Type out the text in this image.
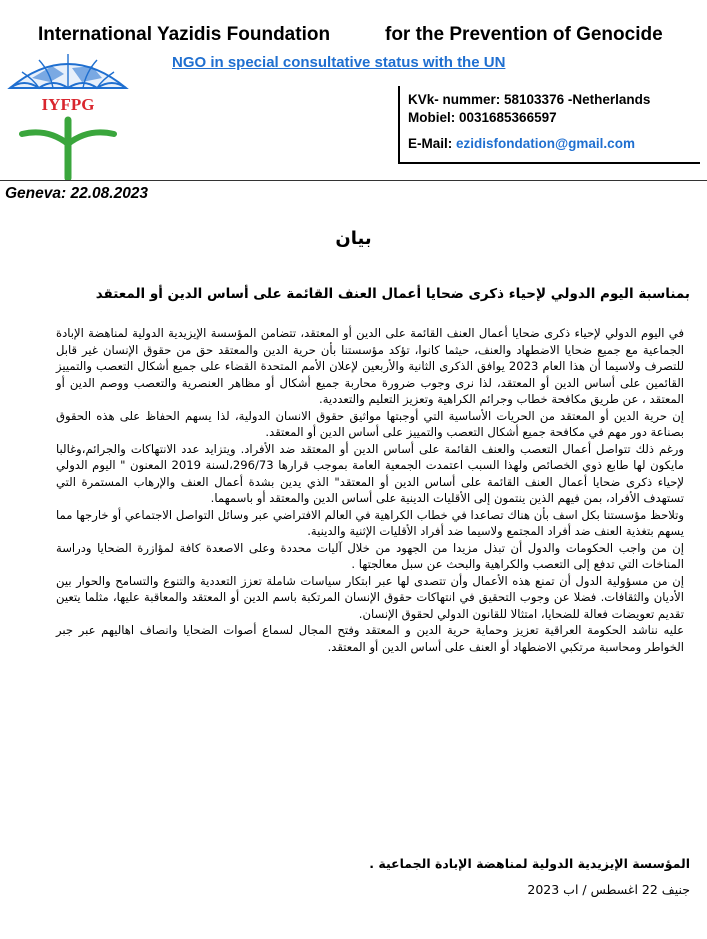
International Yazidis Foundation	for the Prevention of Genocide
NGO in special consultative status with the UN
IYFPG	KVk- nummer: 58103376 -Netherlands
Mobiel: 0031685366597
E-Mail: ezidisfondation@gmail.com
Geneva: 22.08.2023
بيان
بمناسبة اليوم الدولي لإحياء ذكرى ضحايا أعمال العنف القائمة على أساس الدين أو المعتقد

في اليوم الدولي لإحياء ذكرى ضحايا أعمال العنف القائمة على الدين أو المعتقد، تتضامن المؤسسة الإيزيدية الدولية لمناهضة الإبادة الجماعية مع جميع ضحايا الاضطهاد والعنف، حيثما كانوا، تؤكد مؤسستنا بأن حرية الدين والمعتقد حق من حقوق الإنسان غير قابل للتصرف ولاسيما أن هذا العام 2023 يوافق الذكرى الثانية والأربعين لإعلان الأمم المتحدة القضاء على جميع أشكال التعصب والتمييز القائمين على أساس الدين أو المعتقد، لذا نرى وجوب ضرورة محاربة جميع أشكال أو مظاهر العنصرية والتعصب ووصم الدين أو المعتقد ، عن طريق مكافحة خطاب وجرائم الكراهية وتعزيز التعليم والتعددية.

إن حرية الدين أو المعتقد من الحريات الأساسية التي أوجبتها مواثيق حقوق الانسان الدولية، لذا يسهم الحفاظ على هذه الحقوق بصناعة دور مهم في مكافحة جميع أشكال التعصب والتمييز على أساس الدين أو المعتقد.

ورغم ذلك تتواصل أعمال التعصب والعنف القائمة على أساس الدين أو المعتقد ضد الأفراد. ويتزايد عدد الانتهاكات والجرائم،وغالبا مايكون لها طابع ذوي الخصائص ولهذا السبب اعتمدت الجمعية العامة بموجب قرارها 296/73،لسنة 2019 المعنون " اليوم الدولي لإحياء ذكرى ضحايا أعمال العنف القائمة على أساس الدين أو المعتقد" الذي يدين بشدة أعمال العنف والإرهاب المستمرة التي تستهدف الأفراد، بمن فيهم الذين ينتمون إلى الأقليات الدينية على أساس الدين والمعتقد أو باسمهما.

وتلاحظ مؤسستنا بكل اسف بأن هناك تصاعدا في خطاب الكراهية في العالم الافتراضي عبر وسائل التواصل الاجتماعي أو خارجها مما يسهم بتغذية العنف ضد أفراد المجتمع ولاسيما ضد أفراد الأقليات الإثنية والدينية.

إن من واجب الحكومات والدول أن تبذل مزيدا من الجهود من خلال آليات محددة وعلى الاصعدة كافة لمؤازرة الضحايا ودراسة المناخات التي تدفع إلى التعصب والكراهية والبحث عن سبل معالجتها .

إن من مسؤولية الدول أن تمنع هذه الأعمال وأن تتصدى لها عبر ابتكار سياسات شاملة تعزز التعددية والتنوع والتسامح والحوار بين الأديان والثقافات. فضلا عن وجوب التحقيق في انتهاكات حقوق الإنسان المرتكبة باسم الدين أو المعتقد والمعاقبة عليها، مثلما يتعين تقديم تعويضات فعالة للضحايا، امتثالا للقانون الدولي لحقوق الإنسان.

عليه نناشد الحكومة العراقية تعزيز وحماية حرية الدين و المعتقد وفتح المجال لسماع أصوات الضحايا وانصاف اهاليهم عبر جبر الخواطر ومحاسبة مرتكبي الاضطهاد أو العنف على أساس الدين أو المعتقد.

المؤسسة الإيزيدية الدولية لمناهضة الإبادة الجماعية .
جنيف 22 اغسطس / اب 2023
